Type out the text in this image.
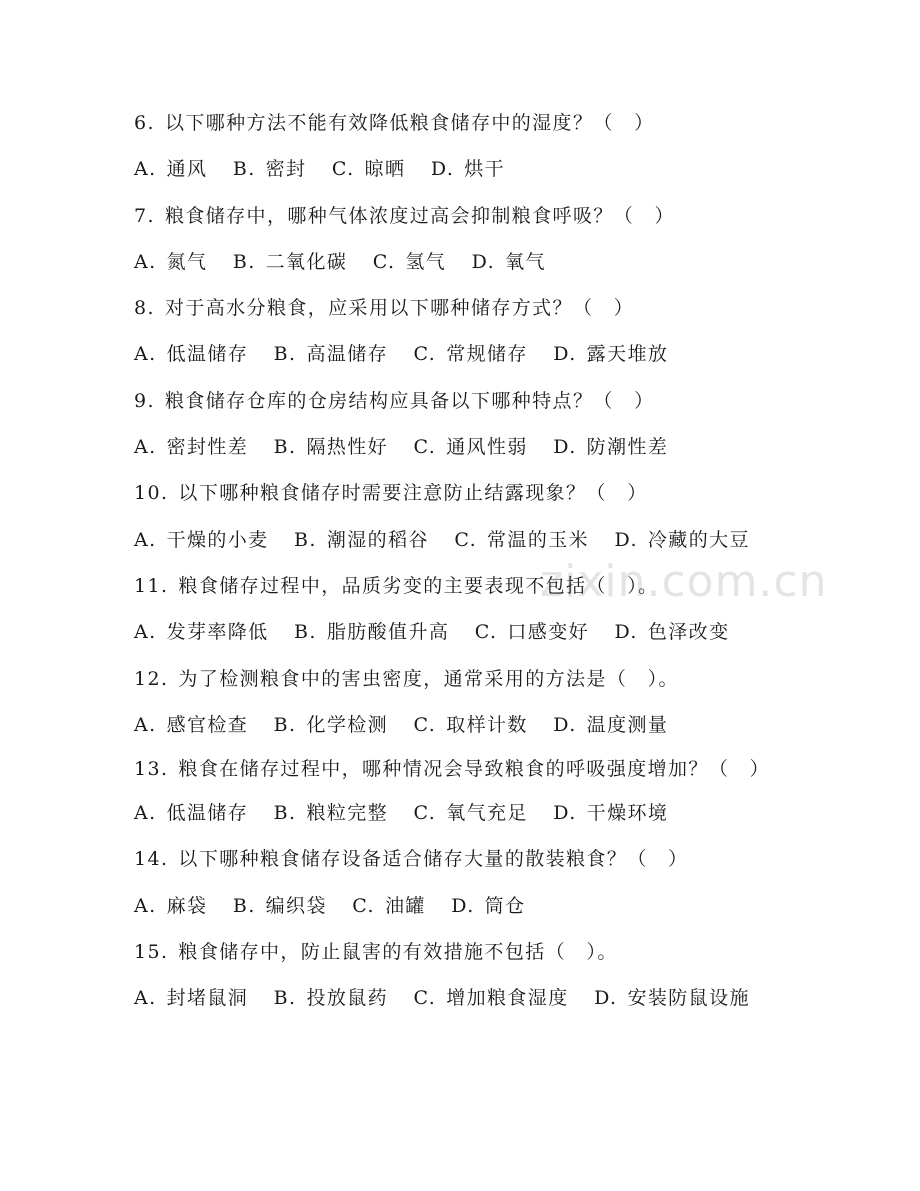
zixin.com.cn
6. 以下哪种方法不能有效降低粮食储存中的湿度？（　）
A. 通风 B. 密封 C. 晾晒 D. 烘干
7. 粮食储存中，哪种气体浓度过高会抑制粮食呼吸？（　）
A. 氮气 B. 二氧化碳 C. 氢气 D. 氧气
8. 对于高水分粮食，应采用以下哪种储存方式？（　）
A. 低温储存 B. 高温储存 C. 常规储存 D. 露天堆放
9. 粮食储存仓库的仓房结构应具备以下哪种特点？（　）
A. 密封性差 B. 隔热性好 C. 通风性弱 D. 防潮性差
10. 以下哪种粮食储存时需要注意防止结露现象？（　）
A. 干燥的小麦 B. 潮湿的稻谷 C. 常温的玉米 D. 冷藏的大豆
11. 粮食储存过程中，品质劣变的主要表现不包括（　）。
A. 发芽率降低 B. 脂肪酸值升高 C. 口感变好 D. 色泽改变
12. 为了检测粮食中的害虫密度，通常采用的方法是（　）。
A. 感官检查 B. 化学检测 C. 取样计数 D. 温度测量
13. 粮食在储存过程中，哪种情况会导致粮食的呼吸强度增加？（　）
A. 低温储存 B. 粮粒完整 C. 氧气充足 D. 干燥环境
14. 以下哪种粮食储存设备适合储存大量的散装粮食？（　）
A. 麻袋 B. 编织袋 C. 油罐 D. 筒仓
15. 粮食储存中，防止鼠害的有效措施不包括（　）。
A. 封堵鼠洞 B. 投放鼠药 C. 增加粮食湿度 D. 安装防鼠设施
